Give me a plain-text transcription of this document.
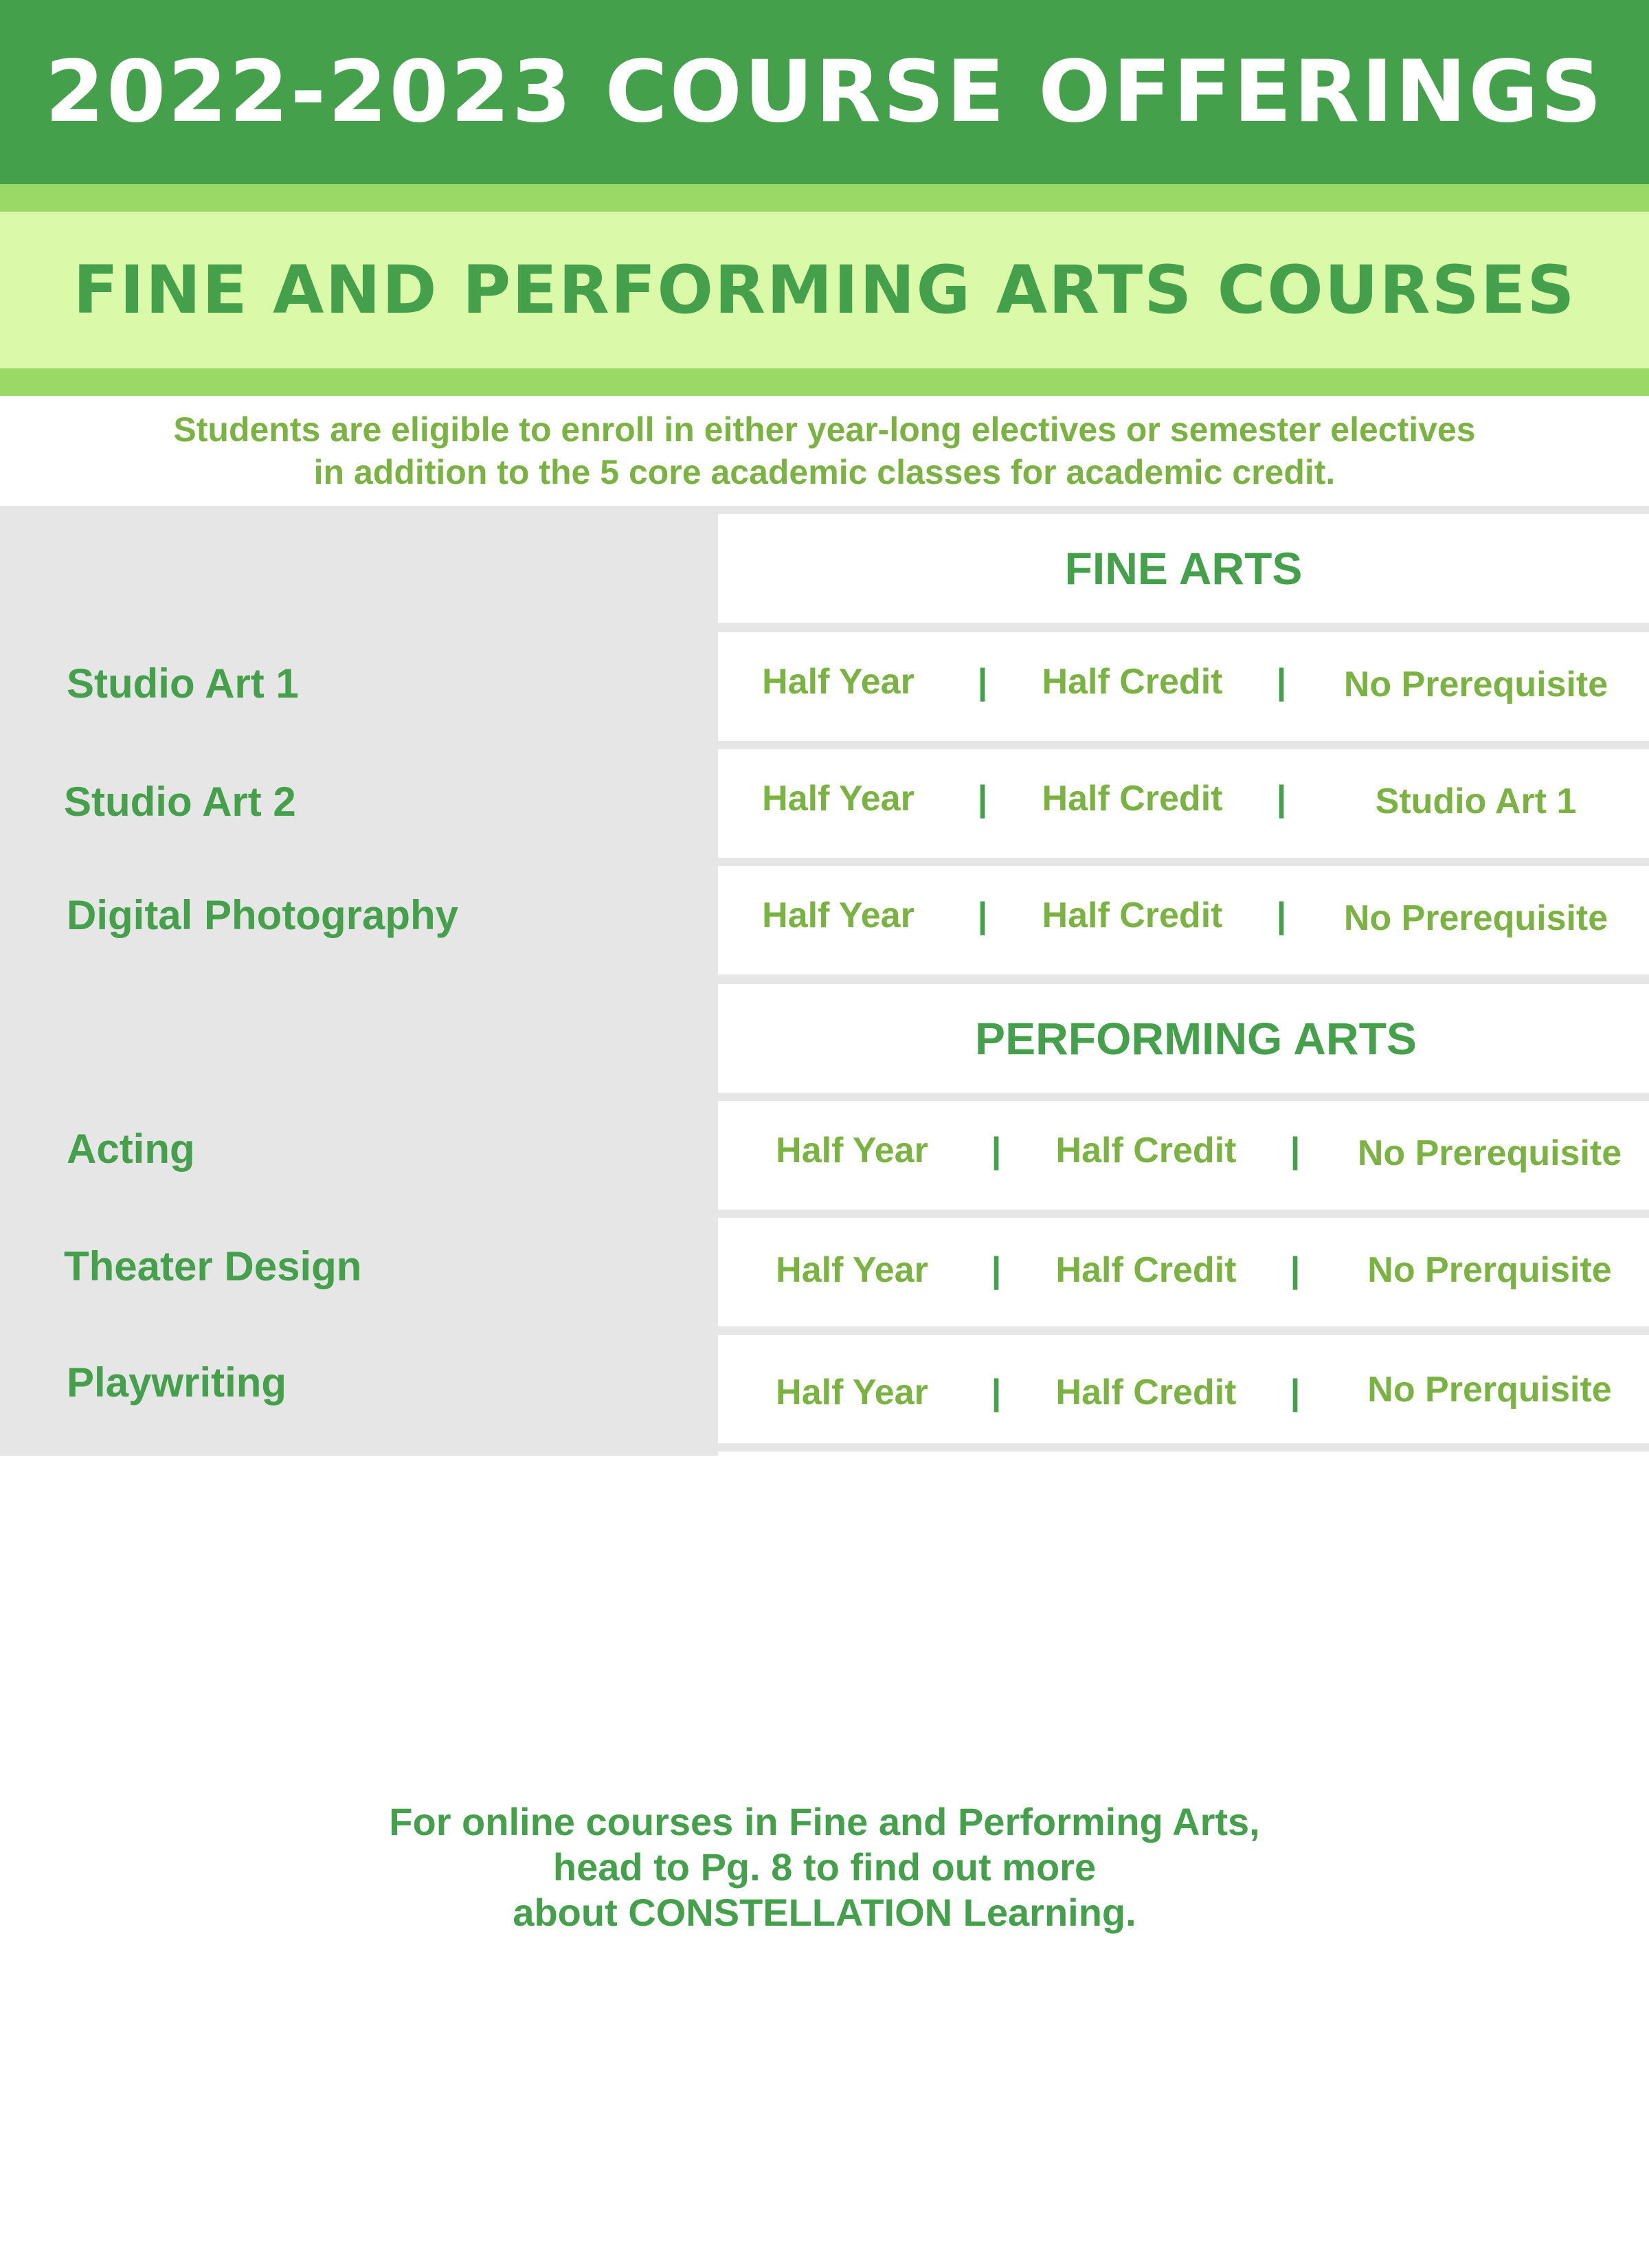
2022-2023 COURSE OFFERINGS
FINE AND PERFORMING ARTS COURSES
Students are eligible to enroll in either year-long electives or semester electives
in addition to the 5 core academic classes for academic credit.
FINE ARTS
Half Year | Half Credit | No Prerequisite
Half Year | Half Credit | Studio Art 1
Half Year | Half Credit | No Prerequisite
PERFORMING ARTS
Half Year | Half Credit | No Prerequisite
Half Year | Half Credit | No Prerquisite
Half Year | Half Credit | No Prerquisite
Studio Art 1
Studio Art 2
Digital Photography
Acting
Theater Design
Playwriting
For online courses in Fine and Performing Arts,
head to Pg. 8 to find out more
about CONSTELLATION Learning.
